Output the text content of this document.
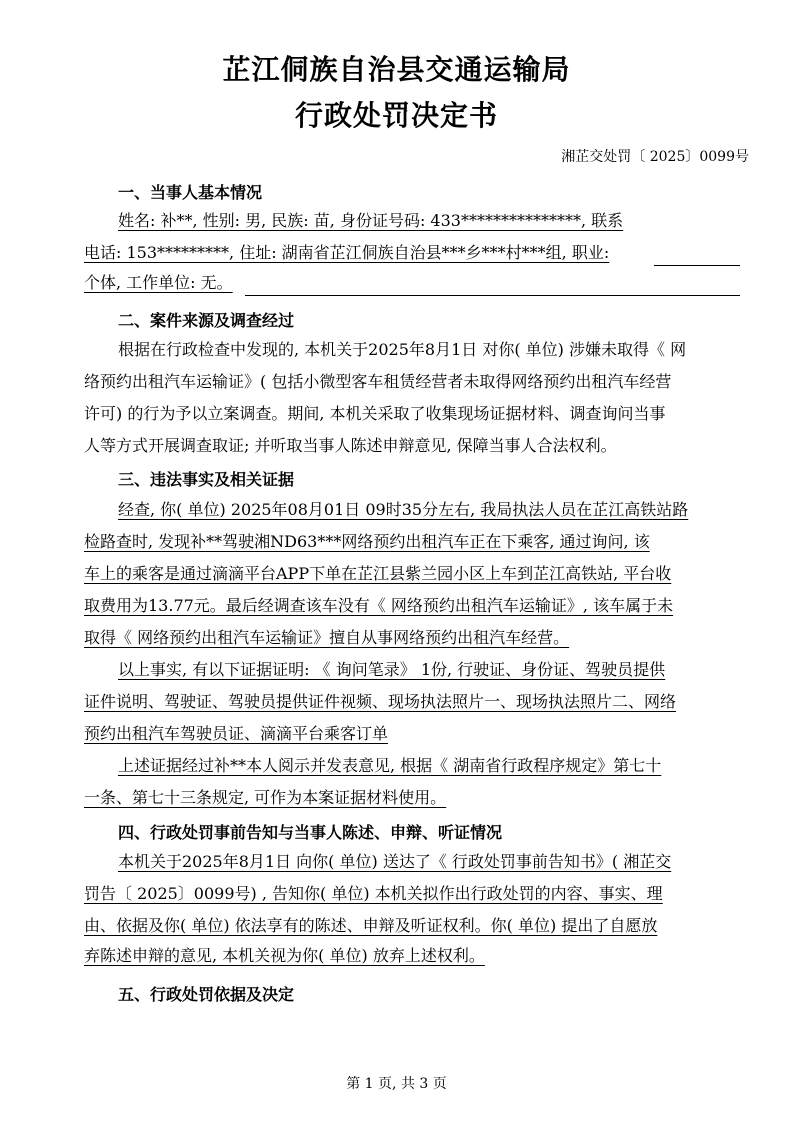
芷江侗族自治县交通运输局
行政处罚决定书
湘芷交处罚〔 2025〕0099号
一、当事人基本情况
姓名: 补**, 性别: 男, 民族: 苗, 身份证号码: 433***************, 联系
电话: 153*********, 住址: 湖南省芷江侗族自治县***乡***村***组, 职业:
个体, 工作单位: 无。
二、案件来源及调查经过
根据在行政检查中发现的, 本机关于2025年8月1日 对你( 单位) 涉嫌未取得《 网
络预约出租汽车运输证》( 包括小微型客车租赁经营者未取得网络预约出租汽车经营
许可) 的行为予以立案调查。期间, 本机关采取了收集现场证据材料、调查询问当事
人等方式开展调查取证; 并听取当事人陈述申辩意见, 保障当事人合法权利。
三、违法事实及相关证据
经查, 你( 单位) 2025年08月01日 09时35分左右, 我局执法人员在芷江高铁站路
检路查时, 发现补**驾驶湘ND63***网络预约出租汽车正在下乘客, 通过询问, 该
车上的乘客是通过滴滴平台APP下单在芷江县紫兰园小区上车到芷江高铁站, 平台收
取费用为13.77元。最后经调查该车没有《 网络预约出租汽车运输证》, 该车属于未
取得《 网络预约出租汽车运输证》擅自从事网络预约出租汽车经营。
以上事实, 有以下证据证明: 《 询问笔录》 1份, 行驶证、身份证、驾驶员提供
证件说明、驾驶证、驾驶员提供证件视频、现场执法照片一、现场执法照片二、网络
预约出租汽车驾驶员证、滴滴平台乘客订单
上述证据经过补**本人阅示并发表意见, 根据《 湖南省行政程序规定》第七十
一条、第七十三条规定, 可作为本案证据材料使用。
四、行政处罚事前告知与当事人陈述、申辩、听证情况
本机关于2025年8月1日 向你( 单位) 送达了《 行政处罚事前告知书》( 湘芷交
罚告〔 2025〕0099号) , 告知你( 单位) 本机关拟作出行政处罚的内容、事实、理
由、依据及你( 单位) 依法享有的陈述、申辩及听证权利。你( 单位) 提出了自愿放
弃陈述申辩的意见, 本机关视为你( 单位) 放弃上述权利。
五、行政处罚依据及决定
第 1 页, 共 3 页
